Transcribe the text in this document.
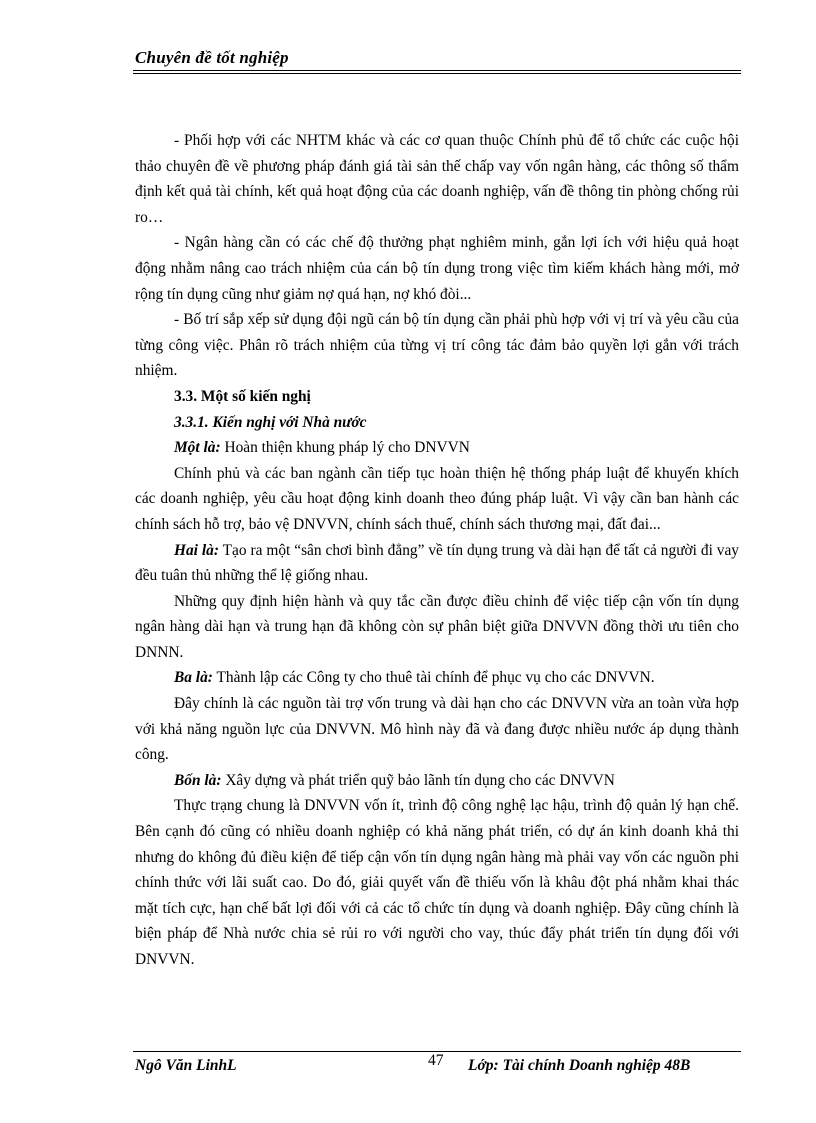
Chuyên đề tốt nghiệp

- Phối hợp với các NHTM khác và các cơ quan thuộc Chính phủ để tổ chức các cuộc hội thảo chuyên đề về phương pháp đánh giá tài sản thế chấp vay vốn ngân hàng, các thông số thẩm định kết quả tài chính, kết quả hoạt động của các doanh nghiệp, vấn đề thông tin phòng chống rủi ro…

- Ngân hàng cần có các chế độ thưởng phạt nghiêm minh, gắn lợi ích với hiệu quả hoạt động nhằm nâng cao trách nhiệm của cán bộ tín dụng trong việc tìm kiếm khách hàng mới, mở rộng tín dụng cũng như giảm nợ quá hạn, nợ khó đòi...

- Bố trí sắp xếp sử dụng đội ngũ cán bộ tín dụng cần phải phù hợp với vị trí và yêu cầu của từng công việc. Phân rõ trách nhiệm của từng vị trí công tác đảm bảo quyền lợi gắn với trách nhiệm.

3.3. Một số kiến nghị

3.3.1. Kiến nghị với Nhà nước

Một là: Hoàn thiện khung pháp lý cho DNVVN

Chính phủ và các ban ngành cần tiếp tục hoàn thiện hệ thống pháp luật để khuyến khích các doanh nghiệp, yêu cầu hoạt động kinh doanh theo đúng pháp luật. Vì vậy cần ban hành các chính sách hỗ trợ, bảo vệ DNVVN, chính sách thuế, chính sách thương mại, đất đai...

Hai là: Tạo ra một “sân chơi bình đẳng” về tín dụng trung và dài hạn để tất cả người đi vay đều tuân thủ những thể lệ giống nhau.

Những quy định hiện hành và quy tắc cần được điều chỉnh để việc tiếp cận vốn tín dụng ngân hàng dài hạn và trung hạn đã không còn sự phân biệt giữa DNVVN đồng thời ưu tiên cho DNNN.

Ba là: Thành lập các Công ty cho thuê tài chính để phục vụ cho các DNVVN.

Đây chính là các nguồn tài trợ vốn trung và dài hạn cho các DNVVN vừa an toàn vừa hợp với khả năng nguồn lực của DNVVN. Mô hình này đã và đang được nhiều nước áp dụng thành công.

Bốn là: Xây dựng và phát triển quỹ bảo lãnh tín dụng cho các DNVVN

Thực trạng chung là DNVVN vốn ít, trình độ công nghệ lạc hậu, trình độ quản lý hạn chế. Bên cạnh đó cũng có nhiều doanh nghiệp có khả năng phát triển, có dự án kinh doanh khả thi nhưng do không đủ điều kiện để tiếp cận vốn tín dụng ngân hàng mà phải vay vốn các nguồn phi chính thức với lãi suất cao. Do đó, giải quyết vấn đề thiếu vốn là khâu đột phá nhằm khai thác mặt tích cực, hạn chế bất lợi đối với cả các tổ chức tín dụng và doanh nghiệp. Đây cũng chính là biện pháp để Nhà nước chia sẻ rủi ro với người cho vay, thúc đẩy phát triển tín dụng đối với DNVVN.

Ngô Văn LinhL	47 Lớp: Tài chính Doanh nghiệp 48B
